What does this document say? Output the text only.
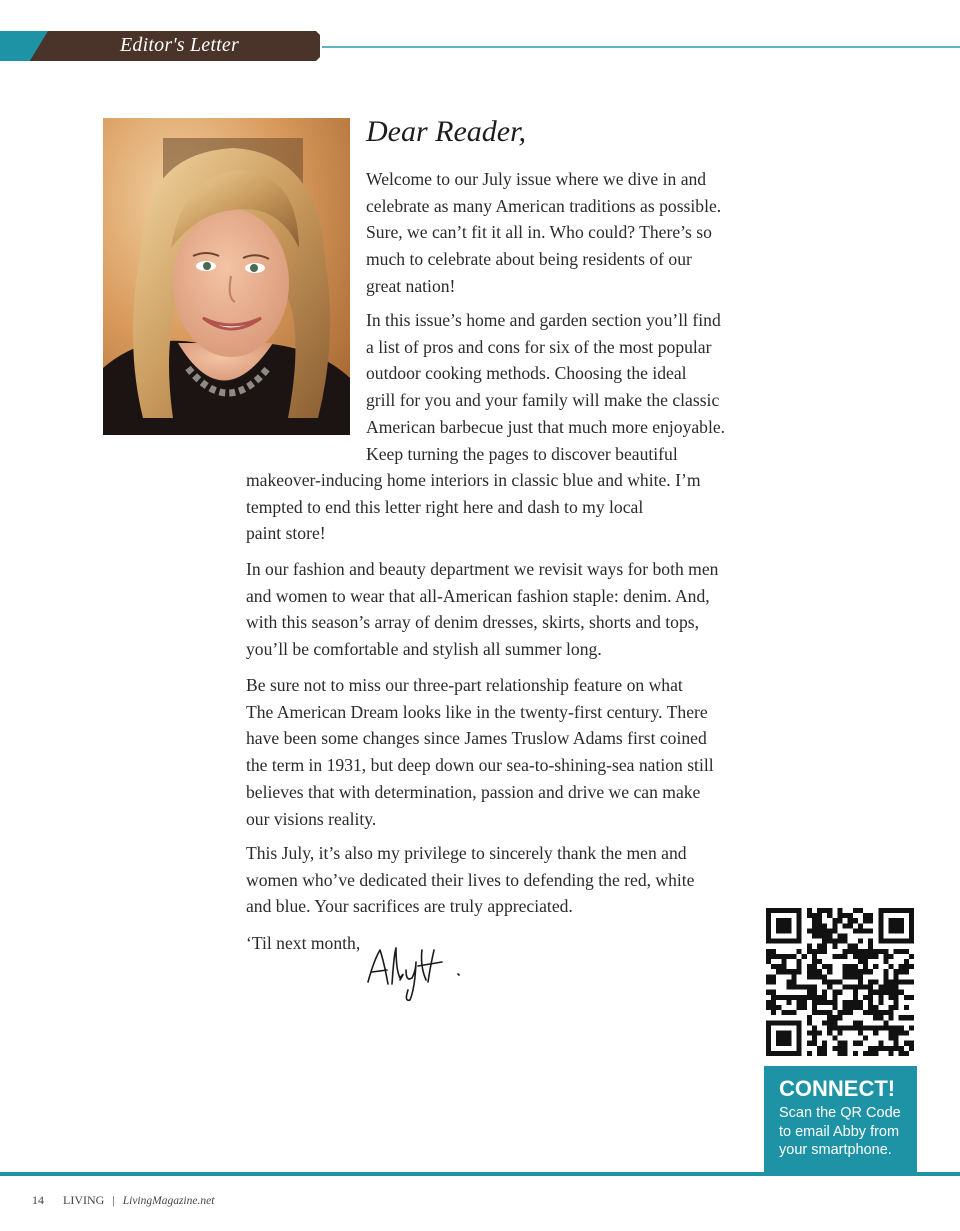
Editor's Letter
Dear Reader,
Welcome to our July issue where we dive in and
celebrate as many American traditions as possible.
Sure, we can’t fit it all in. Who could? There’s so
much to celebrate about being residents of our
great nation!
In this issue’s home and garden section you’ll find
a list of pros and cons for six of the most popular
outdoor cooking methods. Choosing the ideal
grill for you and your family will make the classic
American barbecue just that much more enjoyable.
Keep turning the pages to discover beautiful
makeover-inducing home interiors in classic blue and white. I’m
tempted to end this letter right here and dash to my local
paint store!
In our fashion and beauty department we revisit ways for both men
and women to wear that all-American fashion staple: denim. And,
with this season’s array of denim dresses, skirts, shorts and tops,
you’ll be comfortable and stylish all summer long.
Be sure not to miss our three-part relationship feature on what
The American Dream looks like in the twenty-first century. There
have been some changes since James Truslow Adams first coined
the term in 1931, but deep down our sea-to-shining-sea nation still
believes that with determination, passion and drive we can make
our visions reality.
This July, it’s also my privilege to sincerely thank the men and
women who’ve dedicated their lives to defending the red, white
and blue. Your sacrifices are truly appreciated.
‘Til next month,
CONNECT!
Scan the QR Code
to email Abby from
your smartphone.
14 LIVING | LivingMagazine.net
